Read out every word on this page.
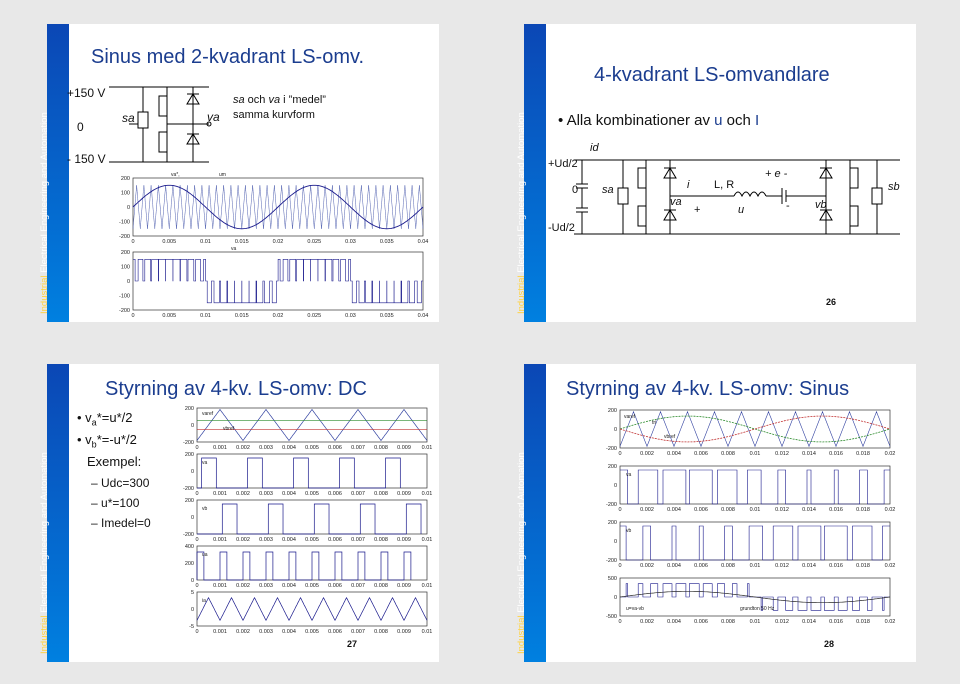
Industrial Electrical Engineering and Automation
Sinus med 2-kvadrant LS-omv.
+150 V
0
- 150 V
sa	va
sa och va i ”medel”
samma kurvform
200
100
0
-100
-200
0	0.005	0.01	0.015	0.02	0.025	0.03	0.035	0.04
va*,	um
200
100
0
-100
-200
0	0.005	0.01	0.015	0.02	0.025	0.03	0.035	0.04
va
Industrial Electrical Engineering and Automation
4-kvadrant LS-omvandlare
• Alla kombinationer av u och I
id
+Ud/2
0
-Ud/2
sa	i L, R
+ e -
va
+	u	- vb
sb
26
Industrial Electrical Engineering and Automation
Styrning av 4-kv. LS-omv: DC
• $v_a*=u*/2$
• $v_b*=-u*/2$
Exempel:
– Udc=300
– u*=100
– Imedel=0
200
0
-200
0	0.001 0.002 0.003 0.004 0.005 0.006 0.007 0.008 0.009 0.01
varef
vbref
200
0
-200
0	0.001 0.002 0.003 0.004 0.005 0.006 0.007 0.008 0.009 0.01
va
200
0
-200
0	0.001 0.002 0.003 0.004 0.005 0.006 0.007 0.008 0.009 0.01
vb
400
200
0
0	0.001 0.002 0.003 0.004 0.005 0.006 0.007 0.008 0.009 0.01
ua
5
0
-5
0	0.001 0.002 0.003 0.004 0.005 0.006 0.007 0.008 0.009 0.01
ia
27	Industrial Electrical Engineering and Automation
Styrning av 4-kv. LS-omv: Sinus
200
0
-200
0	0.002 0.004 0.006 0.008	0.01	0.012 0.014 0.016 0.018	0.02
varef
tri
vbref
200
0
-200
0	0.002 0.004 0.006 0.008	0.01	0.012 0.014 0.016 0.018	0.02
va
200
0
-200
0	0.002 0.004 0.006 0.008	0.01	0.012 0.014 0.016 0.018	0.02
vb
500
0
-500
0	0.002 0.004 0.006 0.008	0.01	0.012 0.014 0.016 0.018	0.02
u=va-vb	grundton 50 Hz
28
